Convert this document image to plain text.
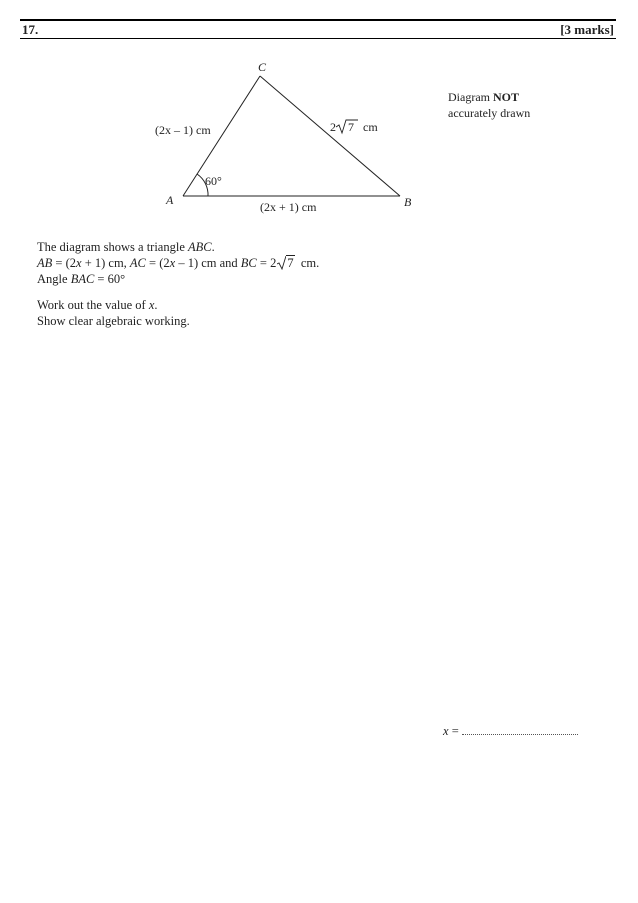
17.	[3 marks]
C
A	B
(2x – 1) cm	2 7 cm
(2x + 1) cm
60°
Diagram NOT
accurately drawn

The diagram shows a triangle ABC.

AB = (2x + 1) cm, AC = (2x – 1) cm and BC = 2 7  cm.

Angle BAC = 60°

Work out the value of x.

Show clear algebraic working.

x =
